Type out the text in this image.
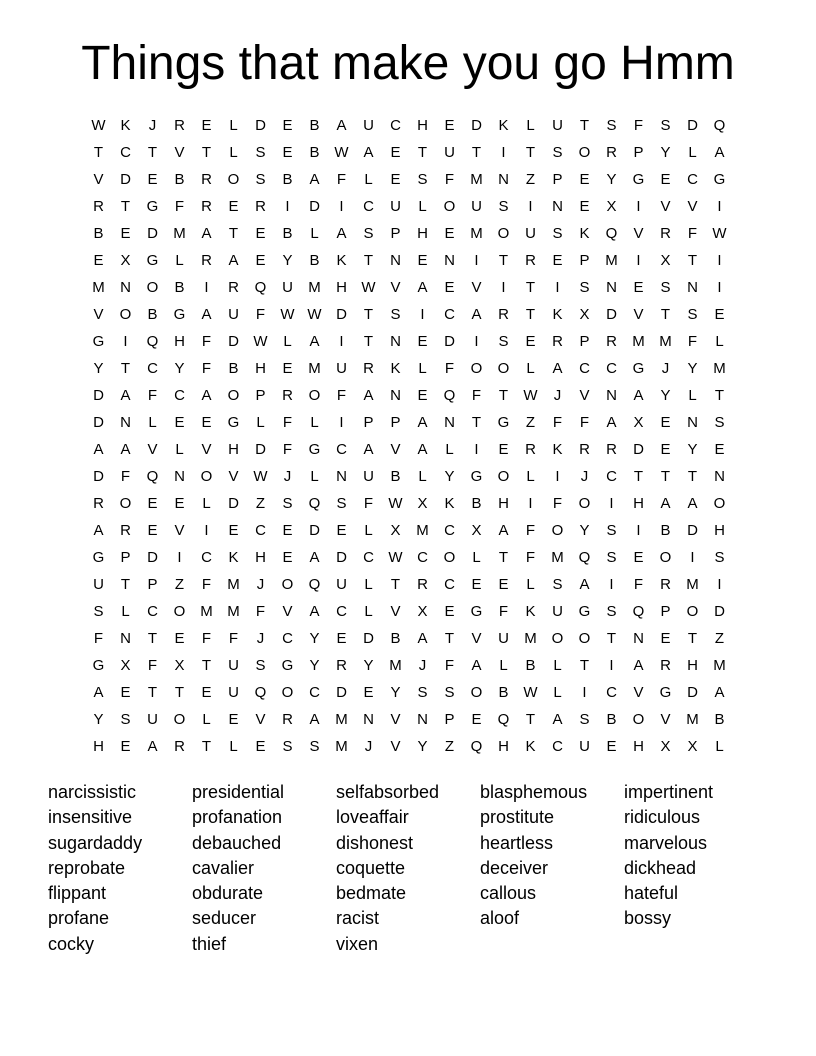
Things that make you go Hmm
W K	J	R	E	L	D	E	B	A	U	C	H	E	D	K	L	U	T	S	F	S	D	Q
T	C	T	V	T	L	S	E	B W A	E	T	U	T	I	T	S	O	R	P	Y	L	A
V	D	E	B	R	O	S	B	A	F	L	E	S	F	M	N	Z	P	E	Y	G	E	C	G
R	T	G	F	R	E	R	I	D	I	C	U	L	O	U	S	I	N	E	X	I	V	V	I
B	E	D	M	A	T	E	B	L	A	S	P	H	E	M O	U	S	K	Q	V	R	F	W
E	X	G	L	R	A	E	Y	B	K	T	N	E	N	I	T	R	E	P	M	I	X	T	I
M	N	O	B	I	R	Q	U	M	H W V	A	E	V	I	T	I	S	N	E	S	N	I
V	O	B	G	A	U	F	W W D	T	S	I	C	A	R	T	K	X	D	V	T	S	E
G	I	Q	H	F	D W	L	A	I	T	N	E	D	I	S	E	R	P	R	M M	F	L
Y	T	C	Y	F	B	H	E	M	U	R	K	L	F	O	O	L	A	C	C	G	J	Y	M
D	A	F	C	A	O	P	R	O	F	A	N	E	Q	F	T	W	J	V	N	A	Y	L	T
D	N	L	E	E	G	L	F	L	I	P	P	A	N	T	G	Z	F	F	A	X	E	N	S
A	A	V	L	V	H	D	F	G	C	A	V	A	L	I	E	R	K	R	R	D	E	Y	E
D	F	Q	N	O	V W	J	L	N	U	B	L	Y	G	O	L	I	J	C	T	T	T	N
R	O	E	E	L	D	Z	S	Q	S	F	W X	K	B	H	I	F	O	I	H	A	A	O
A	R	E	V	I	E	C	E	D	E	L	X	M	C	X	A	F	O	Y	S	I	B	D	H
G	P	D	I	C	K	H	E	A	D	C W C	O	L	T	F	M Q	S	E	O	I	S
U	T	P	Z	F	M	J	O	Q	U	L	T	R	C	E	E	L	S	A	I	F	R	M	I
S	L	C	O M M	F	V	A	C	L	V	X	E	G	F	K	U	G	S	Q	P	O	D
F	N	T	E	F	F	J	C	Y	E	D	B	A	T	V	U	M O	O	T	N	E	T	Z
G	X	F	X	T	U	S	G	Y	R	Y	M	J	F	A	L	B	L	T	I	A	R	H	M
A	E	T	T	E	U	Q	O	C	D	E	Y	S	S	O	B W	L	I	C	V	G	D	A
Y	S	U	O	L	E	V	R	A	M	N	V	N	P	E	Q	T	A	S	B	O	V	M	B
H	E	A	R	T	L	E	S	S	M	J	V	Y	Z	Q	H	K	C	U	E	H	X	X	L
narcissistic
insensitive
sugardaddy
reprobate
flippant
profane
cocky
presidential
profanation
debauched
cavalier
obdurate
seducer
thief
selfabsorbed
loveaffair
dishonest
coquette
bedmate
racist
vixen
blasphemous
prostitute
heartless
deceiver
callous
aloof
impertinent
ridiculous
marvelous
dickhead
hateful
bossy
